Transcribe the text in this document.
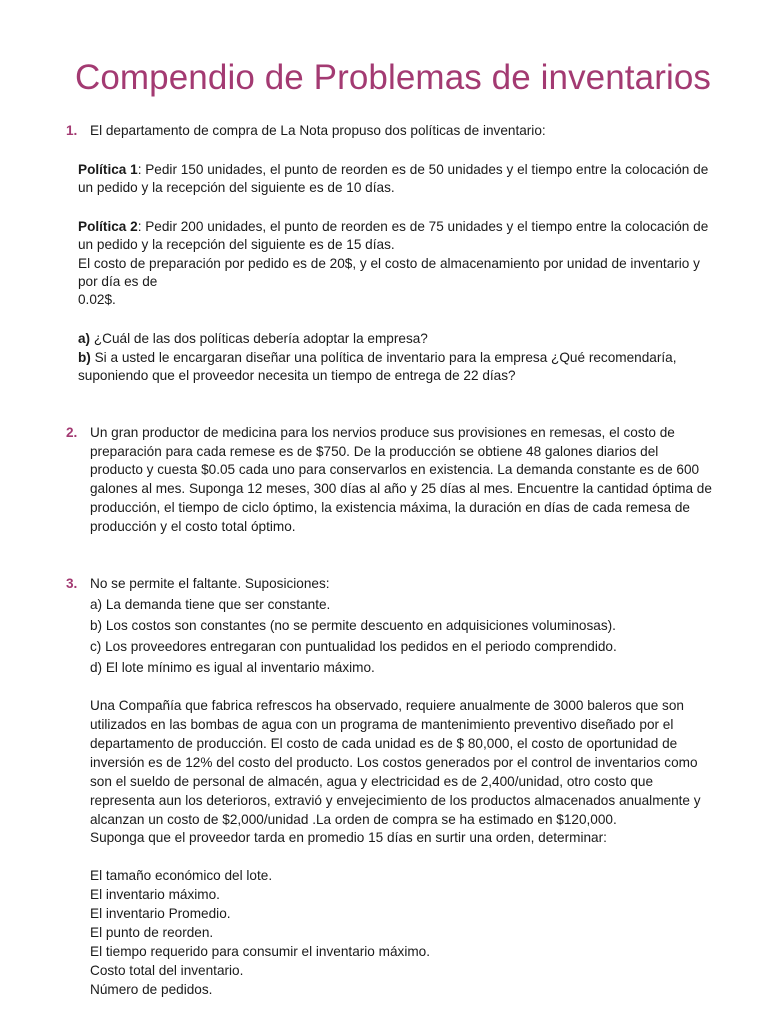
Compendio de Problemas de inventarios
1. El departamento de compra de La Nota propuso dos políticas de inventario:
Política 1: Pedir 150 unidades, el punto de reorden es de 50 unidades y el tiempo entre la colocación de
un pedido y la recepción del siguiente es de 10 días.
Política 2: Pedir 200 unidades, el punto de reorden es de 75 unidades y el tiempo entre la colocación de
un pedido y la recepción del siguiente es de 15 días.
El costo de preparación por pedido es de 20$, y el costo de almacenamiento por unidad de inventario y
por día es de
0.02$.
a) ¿Cuál de las dos políticas debería adoptar la empresa?
b) Si a usted le encargaran diseñar una política de inventario para la empresa ¿Qué recomendaría,
suponiendo que el proveedor necesita un tiempo de entrega de 22 días?
2. Un gran productor de medicina para los nervios produce sus provisiones en remesas, el costo de
preparación para cada remese es de $750. De la producción se obtiene 48 galones diarios del
producto y cuesta $0.05 cada uno para conservarlos en existencia. La demanda constante es de 600
galones al mes. Suponga 12 meses, 300 días al año y 25 días al mes. Encuentre la cantidad óptima de
producción, el tiempo de ciclo óptimo, la existencia máxima, la duración en días de cada remesa de
producción y el costo total óptimo.
3. No se permite el faltante. Suposiciones:
a) La demanda tiene que ser constante.
b) Los costos son constantes (no se permite descuento en adquisiciones voluminosas).
c) Los proveedores entregaran con puntualidad los pedidos en el periodo comprendido.
d) El lote mínimo es igual al inventario máximo.
Una Compañía que fabrica refrescos ha observado, requiere anualmente de 3000 baleros que son
utilizados en las bombas de agua con un programa de mantenimiento preventivo diseñado por el
departamento de producción. El costo de cada unidad es de $ 80,000, el costo de oportunidad de
inversión es de 12% del costo del producto. Los costos generados por el control de inventarios como
son el sueldo de personal de almacén, agua y electricidad es de 2,400/unidad, otro costo que
representa aun los deterioros, extravió y envejecimiento de los productos almacenados anualmente y
alcanzan un costo de $2,000/unidad .La orden de compra se ha estimado en $120,000.
Suponga que el proveedor tarda en promedio 15 días en surtir una orden, determinar:
El tamaño económico del lote.
El inventario máximo.
El inventario Promedio.
El punto de reorden.
El tiempo requerido para consumir el inventario máximo.
Costo total del inventario.
Número de pedidos.
